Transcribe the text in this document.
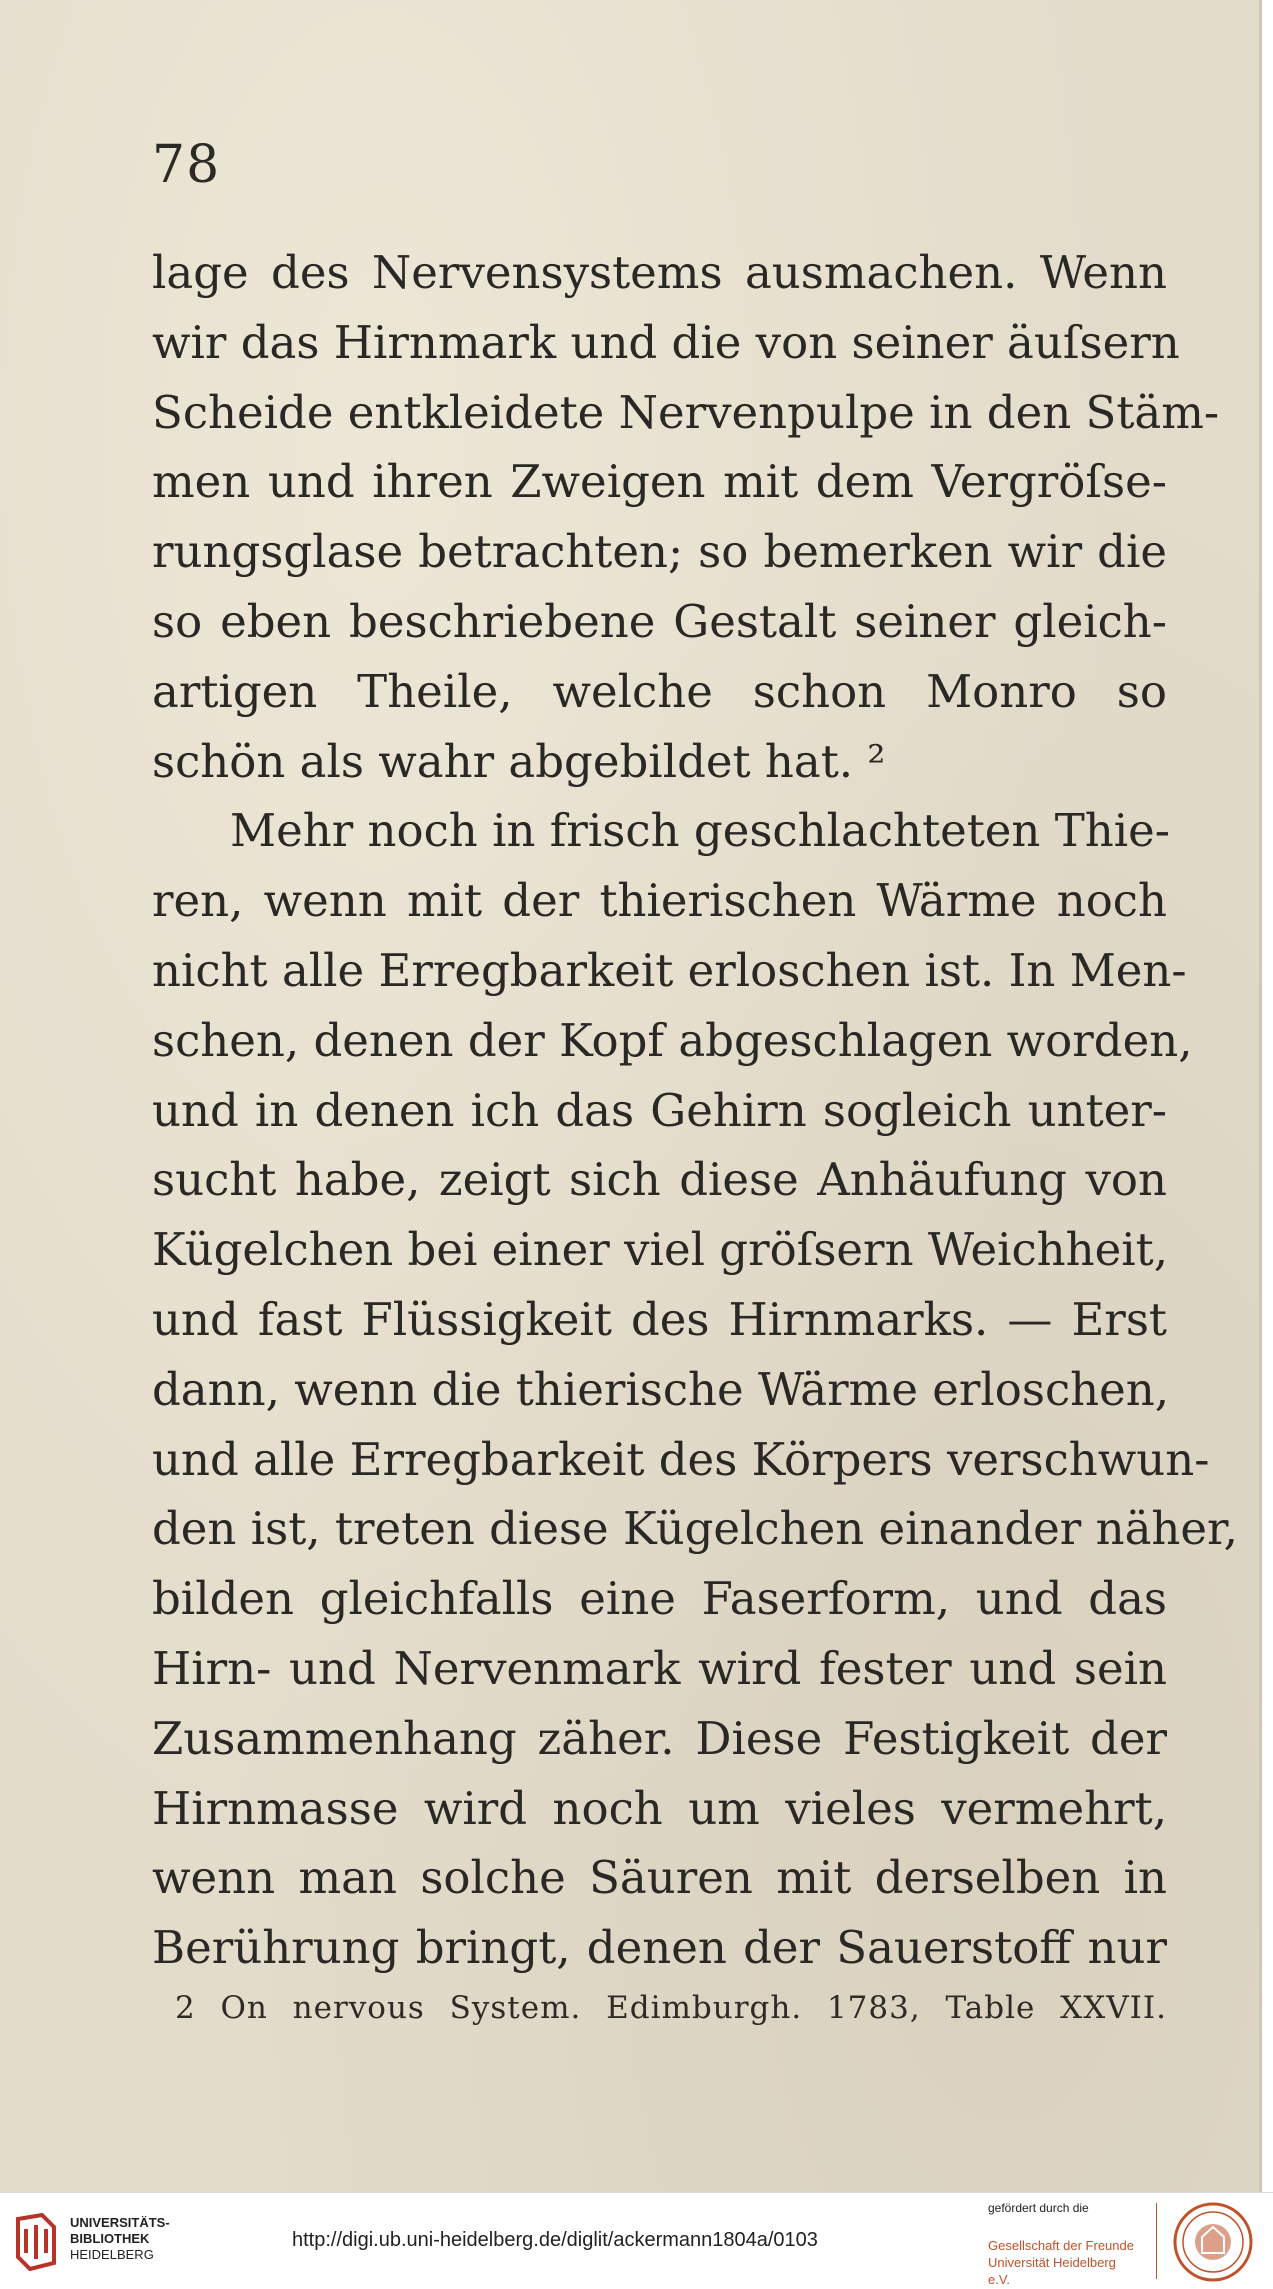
78
lage des Nervensystems ausmachen. Wenn
wir das Hirnmark und die von seiner äuſsern
Scheide entkleidete Nervenpulpe in den Stäm-
men und ihren Zweigen mit dem Vergröſse-
rungsglase betrachten; so bemerken wir die
so eben beschriebene Gestalt seiner gleich-
artigen Theile, welche schon Monro so
schön als wahr abgebildet hat. ²
Mehr noch in frisch geschlachteten Thie-
ren, wenn mit der thierischen Wärme noch
nicht alle Erregbarkeit erloschen ist. In Men-
schen, denen der Kopf abgeschlagen worden,
und in denen ich das Gehirn sogleich unter-
sucht habe, zeigt sich diese Anhäufung von
Kügelchen bei einer viel gröſsern Weichheit,
und fast Flüssigkeit des Hirnmarks. — Erst
dann, wenn die thierische Wärme erloschen,
und alle Erregbarkeit des Körpers verschwun-
den ist, treten diese Kügelchen einander näher,
bilden gleichfalls eine Faserform, und das
Hirn- und Nervenmark wird fester und sein
Zusammenhang zäher. Diese Festigkeit der
Hirnmasse wird noch um vieles vermehrt,
wenn man solche Säuren mit derselben in
Berührung bringt, denen der Sauerstoff nur
2 On nervous System. Edimburgh. 1783, Table XXVII.
UNIVERSITÄTS-
BIBLIOTHEK
HEIDELBERG
http://digi.ub.uni-heidelberg.de/diglit/ackermann1804a/0103
gefördert durch die
Gesellschaft der Freunde
Universität Heidelberg e.V.
